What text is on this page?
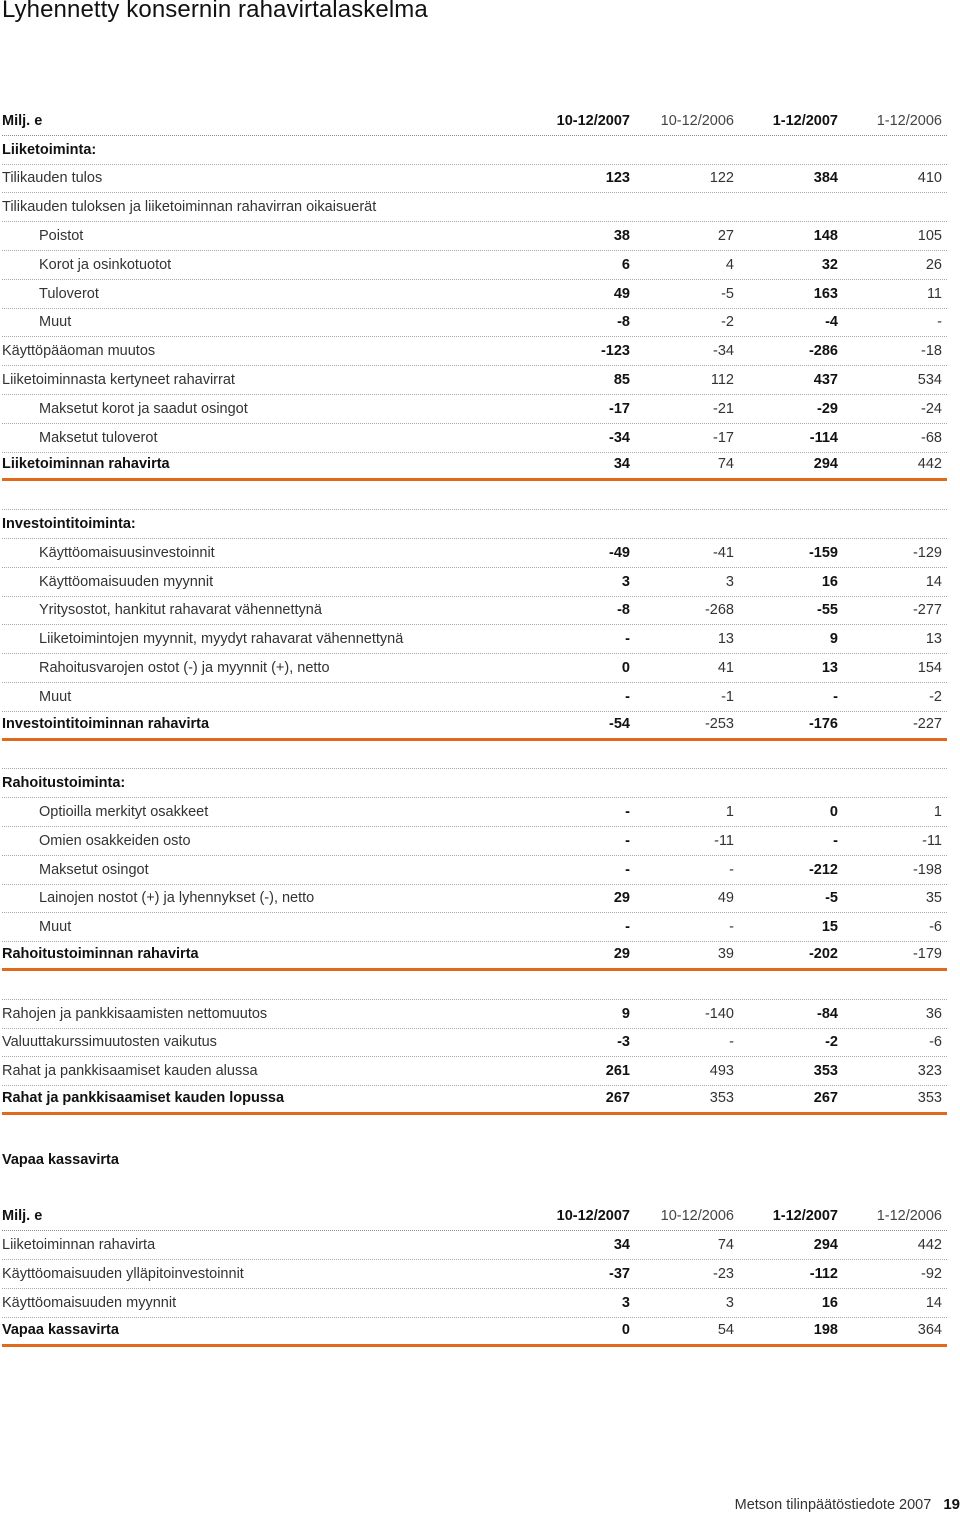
Lyhennetty konsernin rahavirtalaskelma
Milj. e	10-12/2007	10-12/2006	1-12/2007	1-12/2006
Liiketoiminta:
Tilikauden tulos	123	122	384	410
Tilikauden tuloksen ja liiketoiminnan rahavirran oikaisuerät
Poistot	38	27	148	105
Korot ja osinkotuotot	6	4	32	26
Tuloverot	49	-5	163	11
Muut	-8	-2	-4	-
Käyttöpääoman muutos	-123	-34	-286	-18
Liiketoiminnasta kertyneet rahavirrat	85	112	437	534
Maksetut korot ja saadut osingot	-17	-21	-29	-24
Maksetut tuloverot	-34	-17	-114	-68
Liiketoiminnan rahavirta	34	74	294	442
Investointitoiminta:
Käyttöomaisuusinvestoinnit	-49	-41	-159	-129
Käyttöomaisuuden myynnit	3	3	16	14
Yritysostot, hankitut rahavarat vähennettynä	-8	-268	-55	-277
Liiketoimintojen myynnit, myydyt rahavarat vähennettynä	-	13	9	13
Rahoitusvarojen ostot (-) ja myynnit (+), netto	0	41	13	154
Muut	-	-1	-	-2
Investointitoiminnan rahavirta	-54	-253	-176	-227
Rahoitustoiminta:
Optioilla merkityt osakkeet	-	1	0	1
Omien osakkeiden osto	-	-11	-	-11
Maksetut osingot	-	-	-212	-198
Lainojen nostot (+) ja lyhennykset (-), netto	29	49	-5	35
Muut	-	-	15	-6
Rahoitustoiminnan rahavirta	29	39	-202	-179
Rahojen ja pankkisaamisten nettomuutos	9	-140	-84	36
Valuuttakurssimuutosten vaikutus	-3	-	-2	-6
Rahat ja pankkisaamiset kauden alussa	261	493	353	323
Rahat ja pankkisaamiset kauden lopussa	267	353	267	353
Vapaa kassavirta
Milj. e	10-12/2007	10-12/2006	1-12/2007	1-12/2006
Liiketoiminnan rahavirta	34	74	294	442
Käyttöomaisuuden ylläpitoinvestoinnit	-37	-23	-112	-92
Käyttöomaisuuden myynnit	3	3	16	14
Vapaa kassavirta	0	54	198	364
Metson tilinpäätöstiedote 2007 19
